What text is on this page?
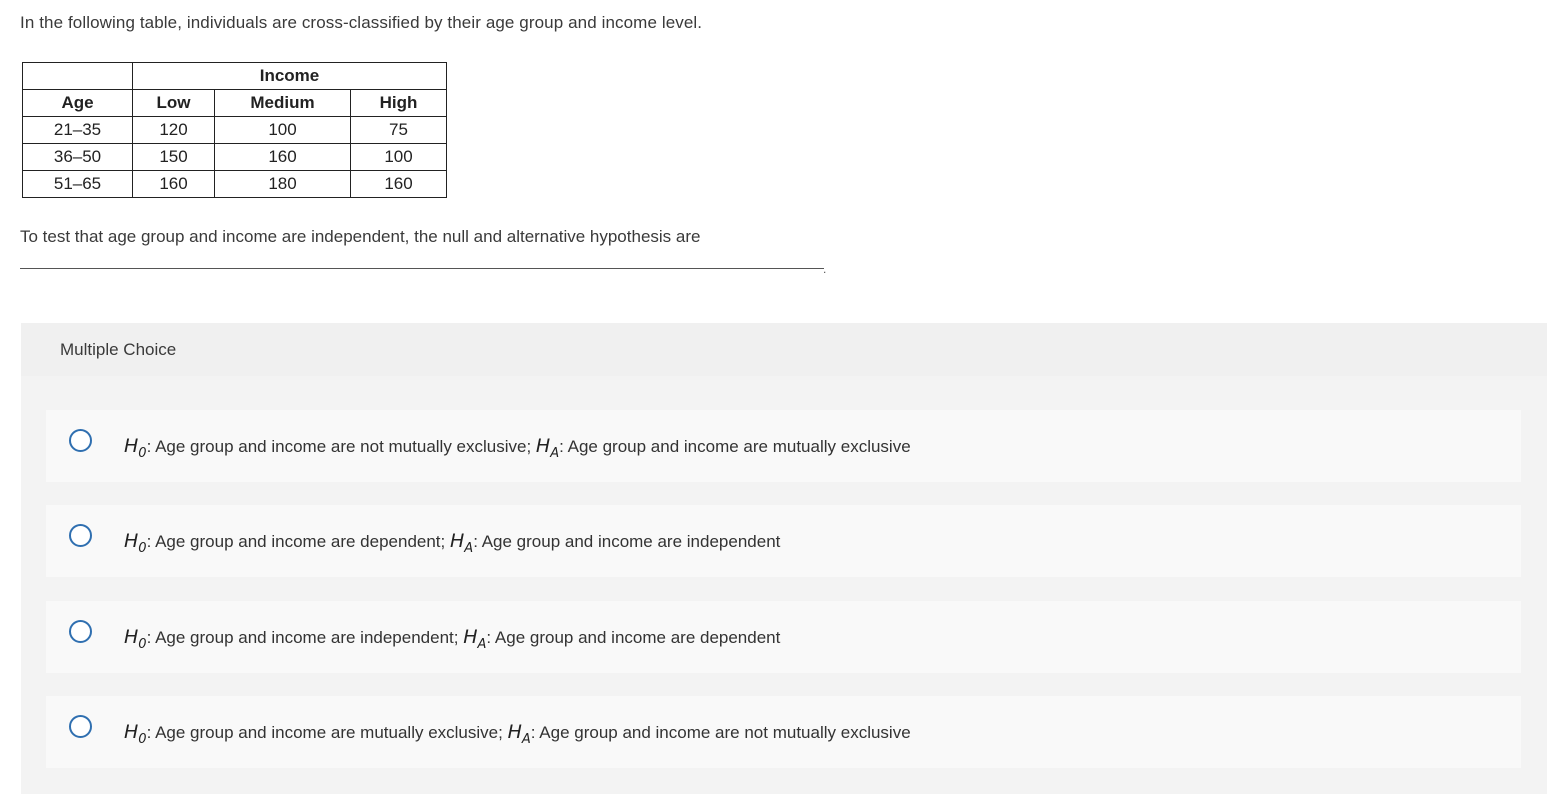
In the following table, individuals are cross-classified by their age group and income level.
	Income		
Age	Low	Medium	High
21–35	120	100	75
36–50	150	160	100
51–65	160	180	160
To test that age group and income are independent, the null and alternative hypothesis are
.
Multiple Choice
$H_0$: Age group and income are not mutually exclusive; $H_A$: Age group and income are mutually exclusive
$H_0$: Age group and income are dependent; $H_A$: Age group and income are independent
$H_0$: Age group and income are independent; $H_A$: Age group and income are dependent
$H_0$: Age group and income are mutually exclusive; $H_A$: Age group and income are not mutually exclusive
